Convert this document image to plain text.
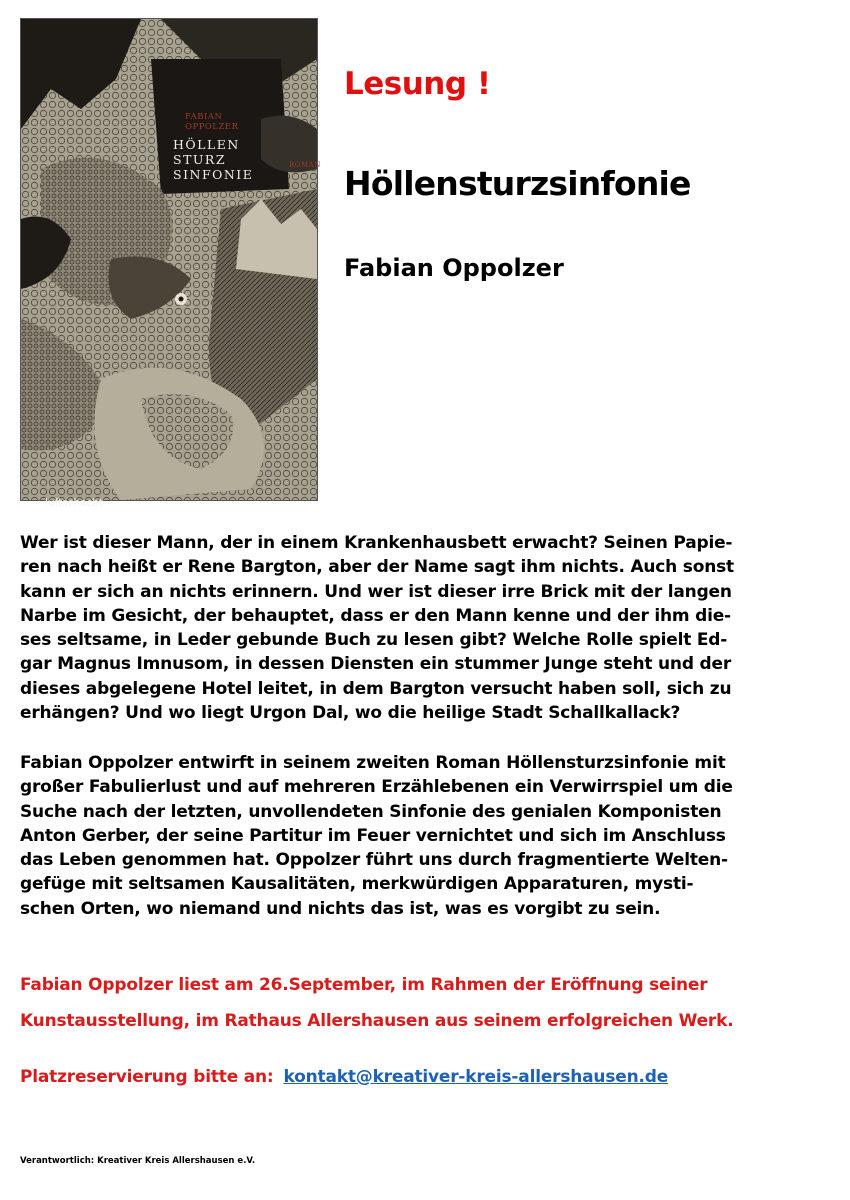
FABIAN
OPPOLZER
HÖLLEN
STURZ
SINFONIE
ROMAN
luftschacht
Lesung !
Höllensturzsinfonie
Fabian Oppolzer

Wer ist dieser Mann, der in einem Krankenhausbett erwacht? Seinen Papie-
ren nach heißt er Rene Bargton, aber der Name sagt ihm nichts. Auch sonst
kann er sich an nichts erinnern. Und wer ist dieser irre Brick mit der langen
Narbe im Gesicht, der behauptet, dass er den Mann kenne und der ihm die-
ses seltsame, in Leder gebunde Buch zu lesen gibt? Welche Rolle spielt Ed-
gar Magnus Imnusom, in dessen Diensten ein stummer Junge steht und der
dieses abgelegene Hotel leitet, in dem Bargton versucht haben soll, sich zu
erhängen? Und wo liegt Urgon Dal, wo die heilige Stadt Schallkallack?

Fabian Oppolzer entwirft in seinem zweiten Roman Höllensturzsinfonie mit
großer Fabulierlust und auf mehreren Erzählebenen ein Verwirrspiel um die
Suche nach der letzten, unvollendeten Sinfonie des genialen Komponisten
Anton Gerber, der seine Partitur im Feuer vernichtet und sich im Anschluss
das Leben genommen hat. Oppolzer führt uns durch fragmentierte Welten-
gefüge mit seltsamen Kausalitäten, merkwürdigen Apparaturen, mysti-
schen Orten, wo niemand und nichts das ist, was es vorgibt zu sein.

Fabian Oppolzer liest am 26.September, im Rahmen der Eröffnung seiner
Kunstausstellung, im Rathaus Allershausen aus seinem erfolgreichen Werk.

Platzreservierung bitte an: kontakt@kreativer-kreis-allershausen.de

Verantwortlich: Kreativer Kreis Allershausen e.V.
